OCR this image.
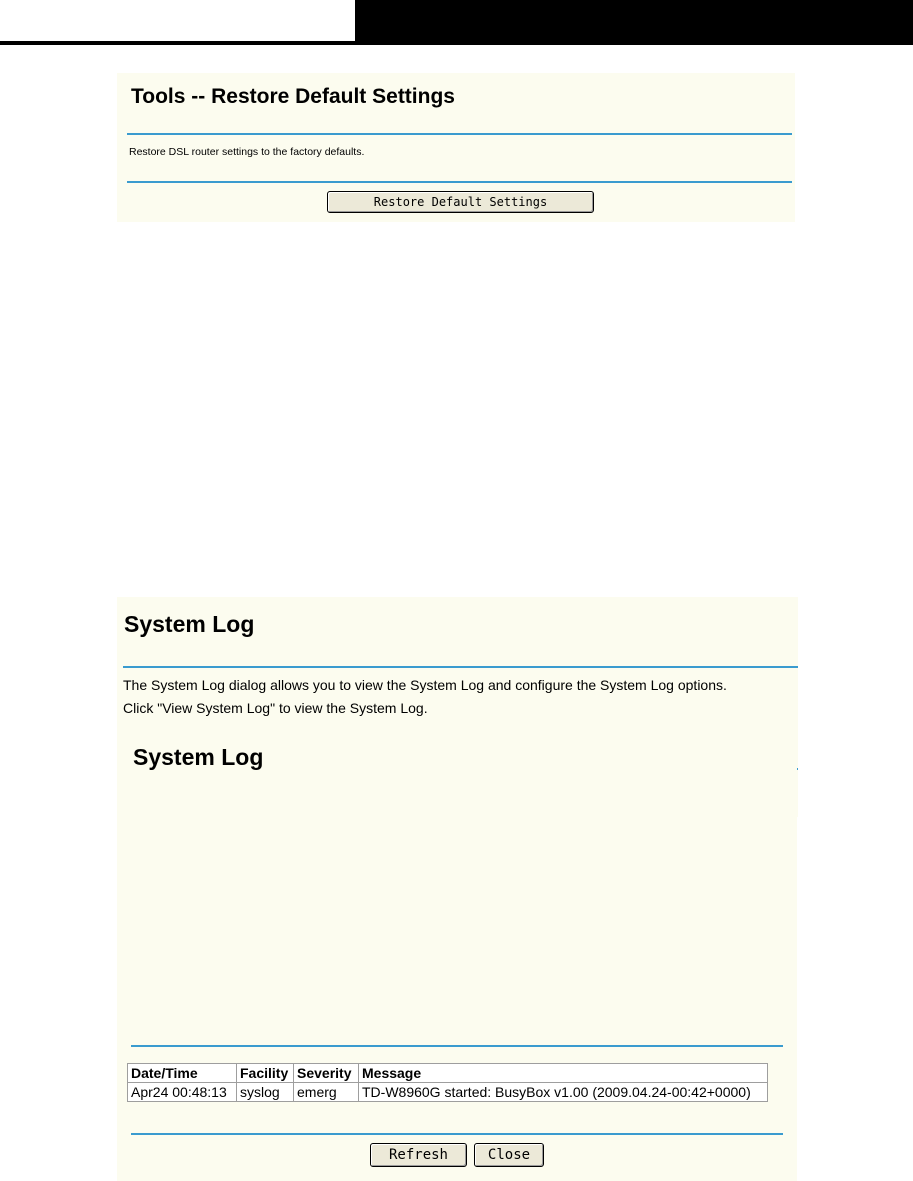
Tools -- Restore Default Settings
Restore DSL router settings to the factory defaults.
Restore Default Settings
System Log
The System Log dialog allows you to view the System Log and configure the System Log options.
Click "View System Log" to view the System Log.
System Log
Date/Time	Facility	Severity	Message
Apr24 00:48:13	syslog	emerg	TD-W8960G started: BusyBox v1.00 (2009.04.24-00:42+0000)
Refresh	Close
